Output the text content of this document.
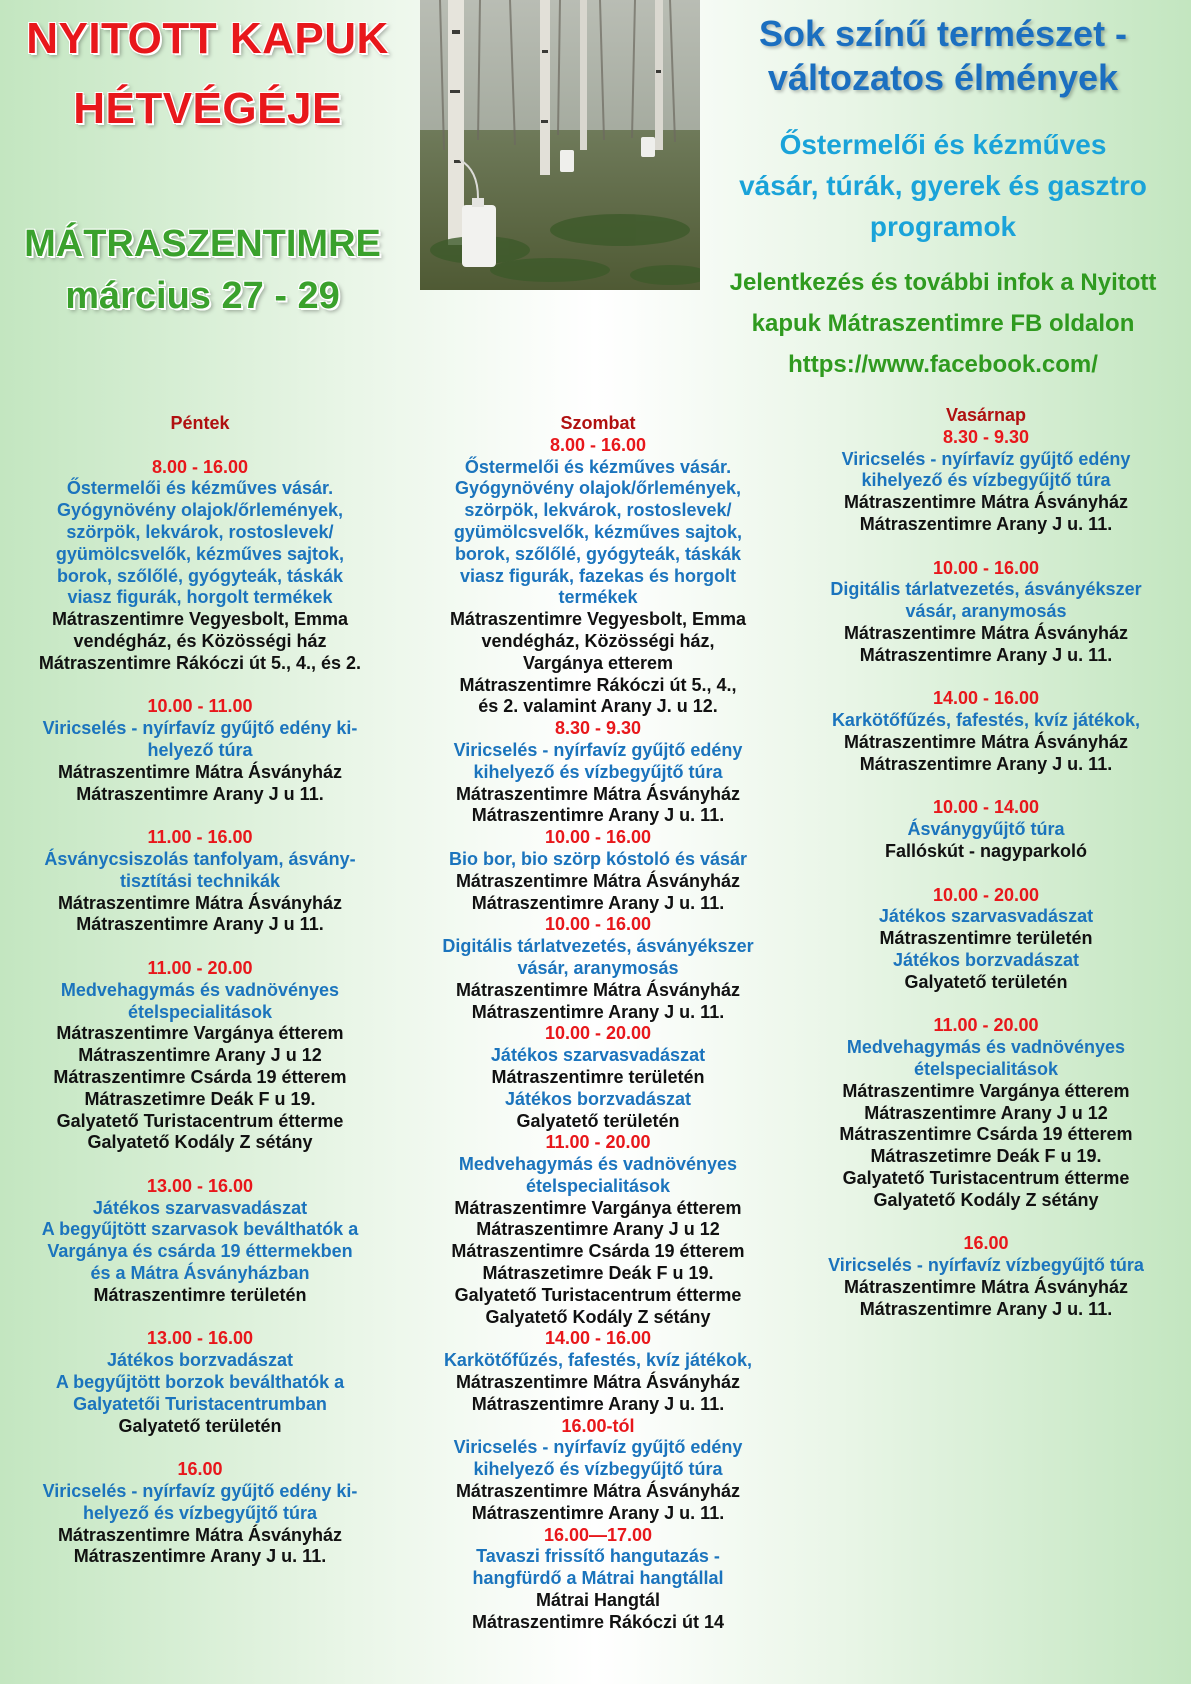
NYITOTT KAPUK
HÉTVÉGÉJE
MÁTRASZENTIMRE
március 27 - 29
Sok színű természet -
változatos élmények
Őstermelői és kézműves
vásár, túrák, gyerek és gasztro
programok
Jelentkezés és további infok a Nyitott
kapuk Mátraszentimre FB oldalon
https://www.facebook.com/
Péntek
8.00 - 16.00
Őstermelői és kézműves vásár.
Gyógynövény olajok/őrlemények,
szörpök, lekvárok, rostoslevek/
gyümölcsvelők, kézműves sajtok,
borok, szőlőlé, gyógyteák, táskák
viasz figurák, horgolt termékek
Mátraszentimre Vegyesbolt, Emma
vendégház, és Közösségi ház
Mátraszentimre Rákóczi út 5., 4., és 2.
10.00 - 11.00
Viricselés - nyírfavíz gyűjtő edény ki-
helyező túra
Mátraszentimre Mátra Ásványház
Mátraszentimre Arany J u 11.
11.00 - 16.00
Ásványcsiszolás tanfolyam, ásvány-
tisztítási technikák
Mátraszentimre Mátra Ásványház
Mátraszentimre Arany J u 11.
11.00 - 20.00
Medvehagymás és vadnövényes
ételspecialitások
Mátraszentimre Vargánya étterem
Mátraszentimre Arany J u 12
Mátraszentimre Csárda 19 étterem
Mátraszetimre Deák F u 19.
Galyatető Turistacentrum étterme
Galyatető Kodály Z sétány
13.00 - 16.00
Játékos szarvasvadászat
A begyűjtött szarvasok beválthatók a
Vargánya és csárda 19 éttermekben
és a Mátra Ásványházban
Mátraszentimre területén
13.00 - 16.00
Játékos borzvadászat
A begyűjtött borzok beválthatók a
Galyatetői Turistacentrumban
Galyatető területén
16.00
Viricselés - nyírfavíz gyűjtő edény ki-
helyező és vízbegyűjtő túra
Mátraszentimre Mátra Ásványház
Mátraszentimre Arany J u. 11.
Szombat
8.00 - 16.00
Őstermelői és kézműves vásár.
Gyógynövény olajok/őrlemények,
szörpök, lekvárok, rostoslevek/
gyümölcsvelők, kézműves sajtok,
borok, szőlőlé, gyógyteák, táskák
viasz figurák, fazekas és horgolt
termékek
Mátraszentimre Vegyesbolt, Emma
vendégház, Közösségi ház,
Vargánya etterem
Mátraszentimre Rákóczi út 5., 4.,
és 2. valamint Arany J. u 12.
8.30 - 9.30
Viricselés - nyírfavíz gyűjtő edény
kihelyező és vízbegyűjtő túra
Mátraszentimre Mátra Ásványház
Mátraszentimre Arany J u. 11.
10.00 - 16.00
Bio bor, bio szörp kóstoló és vásár
Mátraszentimre Mátra Ásványház
Mátraszentimre Arany J u. 11.
10.00 - 16.00
Digitális tárlatvezetés, ásványékszer
vásár, aranymosás
Mátraszentimre Mátra Ásványház
Mátraszentimre Arany J u. 11.
10.00 - 20.00
Játékos szarvasvadászat
Mátraszentimre területén
Játékos borzvadászat
Galyatető területén
11.00 - 20.00
Medvehagymás és vadnövényes
ételspecialitások
Mátraszentimre Vargánya étterem
Mátraszentimre Arany J u 12
Mátraszentimre Csárda 19 étterem
Mátraszetimre Deák F u 19.
Galyatető Turistacentrum étterme
Galyatető Kodály Z sétány
14.00 - 16.00
Karkötőfűzés, fafestés, kvíz játékok,
Mátraszentimre Mátra Ásványház
Mátraszentimre Arany J u. 11.
16.00-tól
Viricselés - nyírfavíz gyűjtő edény
kihelyező és vízbegyűjtő túra
Mátraszentimre Mátra Ásványház
Mátraszentimre Arany J u. 11.
16.00—17.00
Tavaszi frissítő hangutazás -
hangfürdő a Mátrai hangtállal
Mátrai Hangtál
Mátraszentimre Rákóczi út 14
Vasárnap
8.30 - 9.30
Viricselés - nyírfavíz gyűjtő edény
kihelyező és vízbegyűjtő túra
Mátraszentimre Mátra Ásványház
Mátraszentimre Arany J u. 11.
10.00 - 16.00
Digitális tárlatvezetés, ásványékszer
vásár, aranymosás
Mátraszentimre Mátra Ásványház
Mátraszentimre Arany J u. 11.
14.00 - 16.00
Karkötőfűzés, fafestés, kvíz játékok,
Mátraszentimre Mátra Ásványház
Mátraszentimre Arany J u. 11.
10.00 - 14.00
Ásványgyűjtő túra
Fallóskút - nagyparkoló
10.00 - 20.00
Játékos szarvasvadászat
Mátraszentimre területén
Játékos borzvadászat
Galyatető területén
11.00 - 20.00
Medvehagymás és vadnövényes
ételspecialitások
Mátraszentimre Vargánya étterem
Mátraszentimre Arany J u 12
Mátraszentimre Csárda 19 étterem
Mátraszetimre Deák F u 19.
Galyatető Turistacentrum étterme
Galyatető Kodály Z sétány
16.00
Viricselés - nyírfavíz vízbegyűjtő túra
Mátraszentimre Mátra Ásványház
Mátraszentimre Arany J u. 11.
